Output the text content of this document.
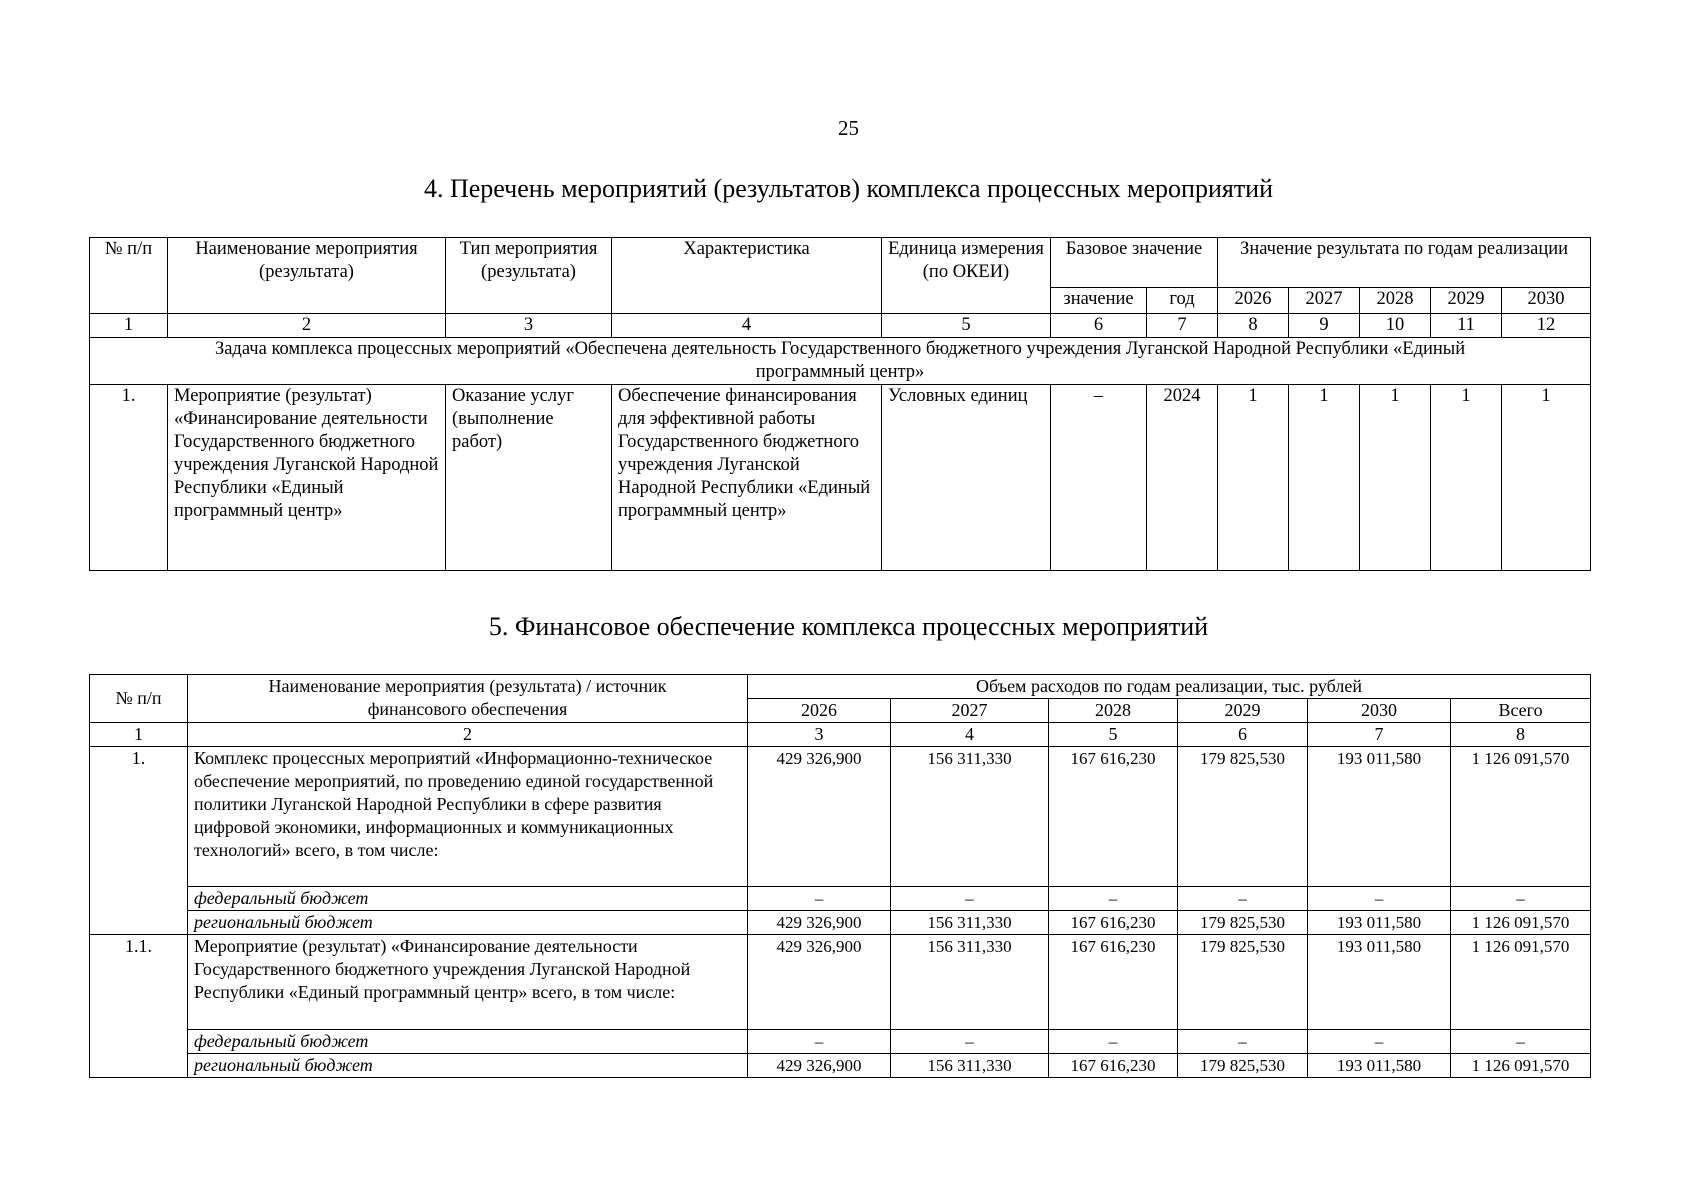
25
4. Перечень мероприятий (результатов) комплекса процессных мероприятий
№ п/п	Наименование мероприятия (результата)	Тип мероприятия (результата)	Характеристика	Единица измерения (по ОКЕИ)	Базовое значение		Значение результата по годам реализации				
					значение	год	2026	2027	2028	2029	2030
1	2	3	4	5	6	7	8	9	10	11	12
Задача комплекса процессных мероприятий «Обеспечена деятельность Государственного бюджетного учреждения Луганской Народной Республики «Единый программный центр»											
1.	Мероприятие (результат) «Финансирование деятельности Государственного бюджетного учреждения Луганской Народной Республики «Единый программный центр»	Оказание услуг (выполнение работ)	Обеспечение финансирования для эффективной работы Государственного бюджетного учреждения Луганской Народной Республики «Единый программный центр»	Условных единиц	–	2024	1	1	1	1	1
5. Финансовое обеспечение комплекса процессных мероприятий
№ п/п	Наименование мероприятия (результата) / источник финансового обеспечения	Объем расходов по годам реализации, тыс. рублей					
		2026	2027	2028	2029	2030	Всего
1	2	3	4	5	6	7	8
1.	Комплекс процессных мероприятий «Информационно-техническое обеспечение мероприятий, по проведению единой государственной политики Луганской Народной Республики в сфере развития цифровой экономики, информационных и коммуникационных технологий» всего, в том числе:	429 326,900	156 311,330	167 616,230	179 825,530	193 011,580	1 126 091,570
	федеральный бюджет	–	–	–	–	–	–
	региональный бюджет	429 326,900	156 311,330	167 616,230	179 825,530	193 011,580	1 126 091,570
1.1.	Мероприятие (результат) «Финансирование деятельности Государственного бюджетного учреждения Луганской Народной Республики «Единый программный центр» всего, в том числе:	429 326,900	156 311,330	167 616,230	179 825,530	193 011,580	1 126 091,570
	федеральный бюджет	–	–	–	–	–	–
	региональный бюджет	429 326,900	156 311,330	167 616,230	179 825,530	193 011,580	1 126 091,570
